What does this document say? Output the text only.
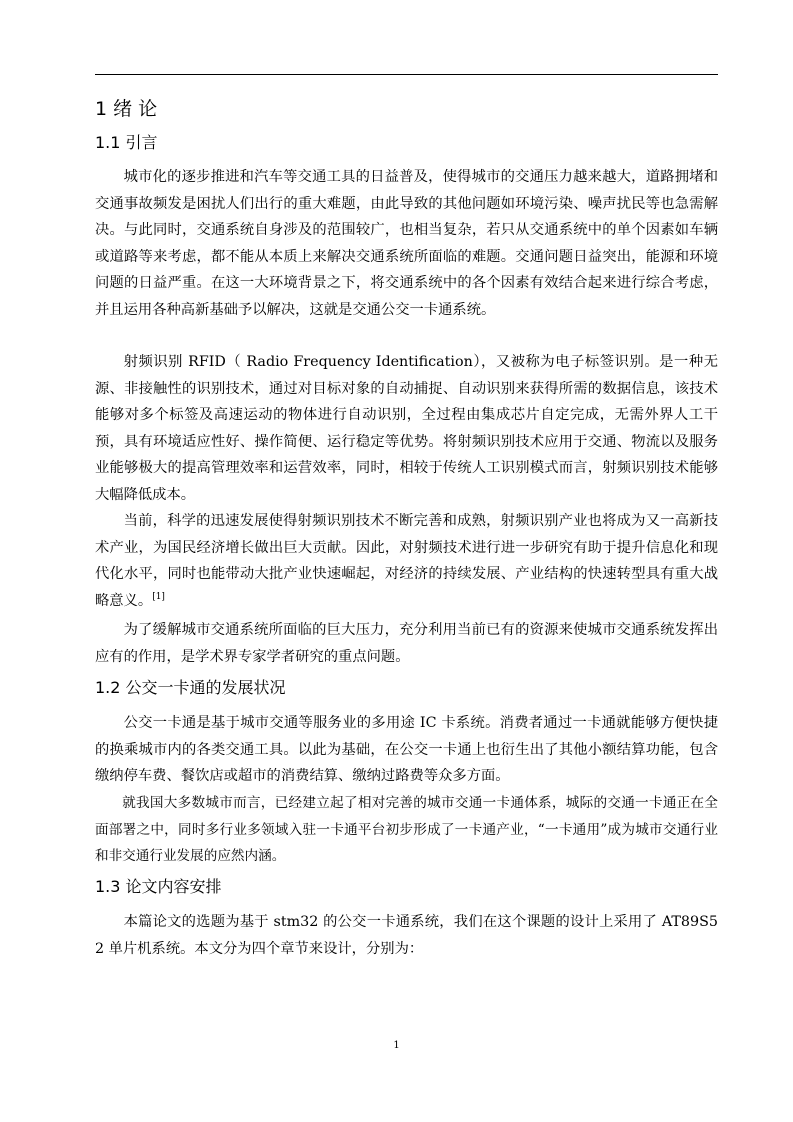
1 绪 论
1.1 引言

城市化的逐步推进和汽车等交通工具的日益普及，使得城市的交通压力越来越大，道路拥堵和交通事故频发是困扰人们出行的重大难题，由此导致的其他问题如环境污染、噪声扰民等也急需解决。与此同时，交通系统自身涉及的范围较广，也相当复杂，若只从交通系统中的单个因素如车辆或道路等来考虑，都不能从本质上来解决交通系统所面临的难题。交通问题日益突出，能源和环境问题的日益严重。在这一大环境背景之下，将交通系统中的各个因素有效结合起来进行综合考虑，并且运用各种高新基础予以解决，这就是交通公交一卡通系统。

射频识别 RFID（ Radio Frequency Identification），又被称为电子标签识别。是一种无源、非接触性的识别技术，通过对目标对象的自动捕捉、自动识别来获得所需的数据信息，该技术能够对多个标签及高速运动的物体进行自动识别，全过程由集成芯片自定完成，无需外界人工干预，具有环境适应性好、操作简便、运行稳定等优势。将射频识别技术应用于交通、物流以及服务业能够极大的提高管理效率和运营效率，同时，相较于传统人工识别模式而言，射频识别技术能够大幅降低成本。

当前，科学的迅速发展使得射频识别技术不断完善和成熟，射频识别产业也将成为又一高新技术产业，为国民经济增长做出巨大贡献。因此，对射频技术进行进一步研究有助于提升信息化和现代化水平，同时也能带动大批产业快速崛起，对经济的持续发展、产业结构的快速转型具有重大战略意义。[1]

为了缓解城市交通系统所面临的巨大压力，充分利用当前已有的资源来使城市交通系统发挥出应有的作用，是学术界专家学者研究的重点问题。

1.2 公交一卡通的发展状况

公交一卡通是基于城市交通等服务业的多用途 IC 卡系统。消费者通过一卡通就能够方便快捷的换乘城市内的各类交通工具。以此为基础，在公交一卡通上也衍生出了其他小额结算功能，包含缴纳停车费、餐饮店或超市的消费结算、缴纳过路费等众多方面。

就我国大多数城市而言，已经建立起了相对完善的城市交通一卡通体系，城际的交通一卡通正在全面部署之中，同时多行业多领域入驻一卡通平台初步形成了一卡通产业，“一卡通用”成为城市交通行业和非交通行业发展的应然内涵。

1.3 论文内容安排

本篇论文的选题为基于 stm32 的公交一卡通系统，我们在这个课题的设计上采用了 AT89S52 单片机系统。本文分为四个章节来设计，分别为：

1
